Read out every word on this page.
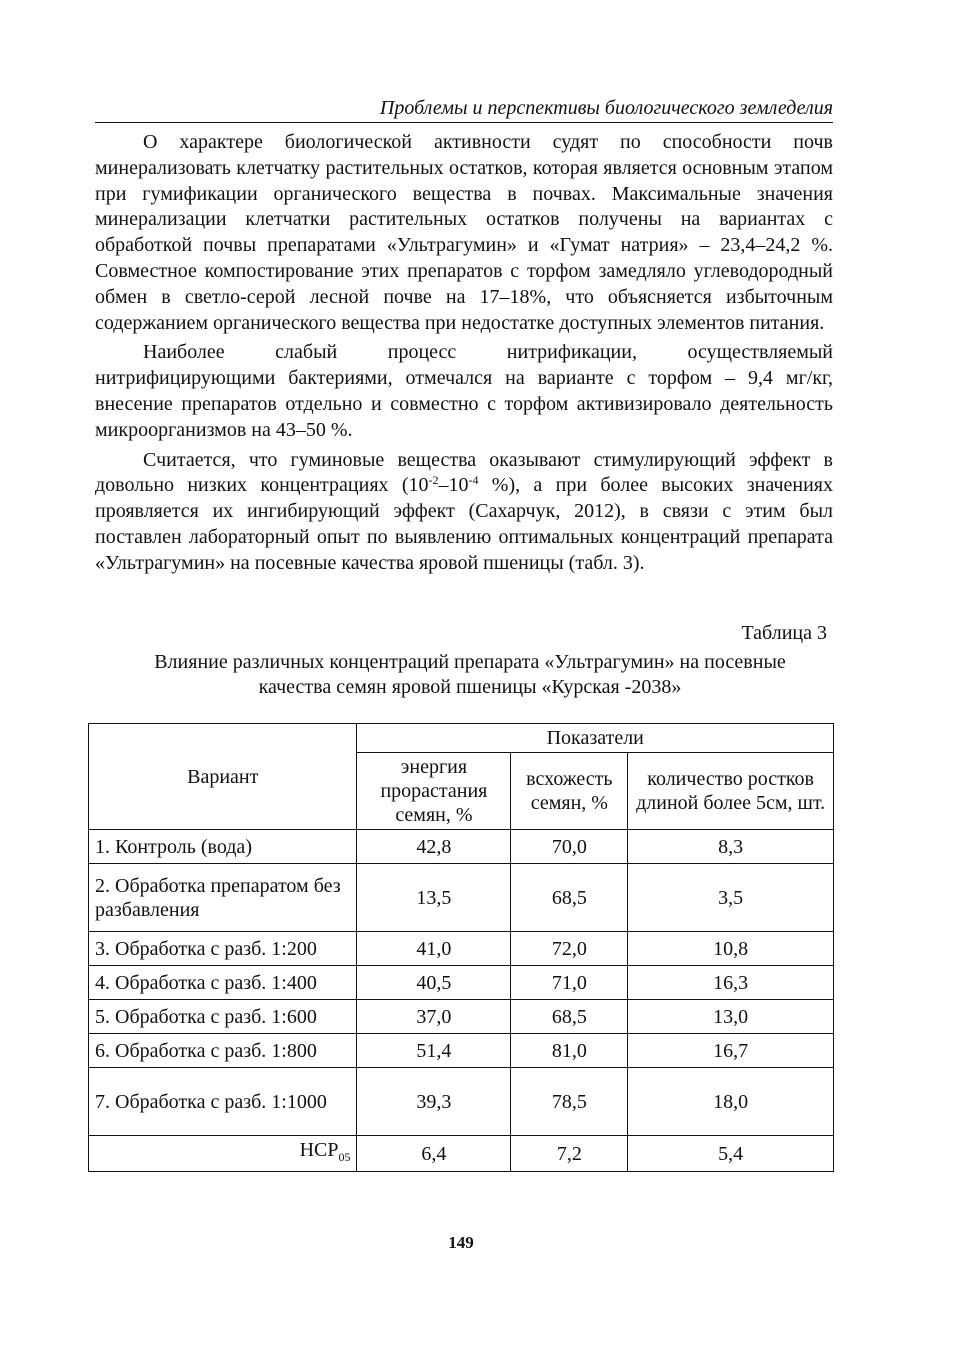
Проблемы и перспективы биологического земледелия

О характере биологической активности судят по способности почв минерализовать клетчатку растительных остатков, которая является основным этапом при гумификации органического вещества в почвах. Максимальные значения минерализации клетчатки растительных остатков получены на вариантах с обработкой почвы препаратами «Ультрагумин» и «Гумат натрия» – 23,4–24,2 %. Совместное компостирование этих препаратов с торфом замедляло углеводородный обмен в светло-серой лесной почве на 17–18%, что объясняется избыточным содержанием органического вещества при недостатке доступных элементов питания.

Наиболее слабый процесс нитрификации, осуществляемый нитрифицирующими бактериями, отмечался на варианте с торфом – 9,4 мг/кг, внесение препаратов отдельно и совместно с торфом активизировало деятельность микроорганизмов на 43–50 %.

Считается, что гуминовые вещества оказывают стимулирующий эффект в довольно низких концентрациях ($10^{-2}-10^{-4}$ %), а при более высоких значениях проявляется их ингибирующий эффект (Сахарчук, 2012), в связи с этим был поставлен лабораторный опыт по выявлению оптимальных концентраций препарата «Ультрагумин» на посевные качества яровой пшеницы (табл. 3).

Таблица 3
Влияние различных концентраций препарата «Ультрагумин» на посевные качества семян яровой пшеницы «Курская -2038»
Вариант	Показатели		
	энергия прорастания семян, %	всхожесть семян, %	количество ростков длиной более 5см, шт.
1. Контроль (вода)	42,8	70,0	8,3
2. Обработка препаратом без разбавления	13,5	68,5	3,5
3. Обработка с разб. 1:200	41,0	72,0	10,8
4. Обработка с разб. 1:400	40,5	71,0	16,3
5. Обработка с разб. 1:600	37,0	68,5	13,0
6. Обработка с разб. 1:800	51,4	81,0	16,7
7. Обработка с разб. 1:1000	39,3	78,5	18,0
$НСР_{05}$	6,4	7,2	5,4
149
